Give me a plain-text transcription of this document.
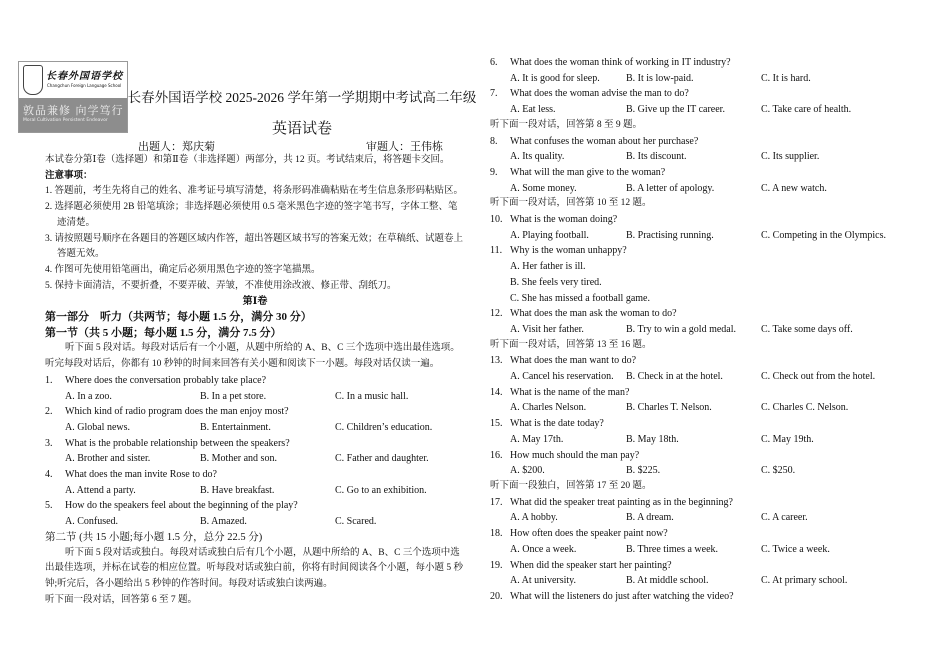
长春外国语学校
Changchun Foreign Language School
敦品兼修 向学笃行
Moral Cultivation Persistent Endeavor
长春外国语学校 2025-2026 学年第一学期期中考试高二年级
英语试卷
出题人：郑庆菊	审题人：王伟栋
本试卷分第Ⅰ卷（选择题）和第Ⅱ卷（非选择题）两部分，共 12 页。考试结束后，将答题卡交回。
注意事项：
1. 答题前，考生先将自己的姓名、准考证号填写清楚，将条形码准确粘贴在考生信息条形码粘贴区。
2. 选择题必须使用 2B 铅笔填涂；非选择题必须使用 0.5 毫米黑色字迹的签字笔书写，字体工整、笔迹清楚。
3. 请按照题号顺序在各题目的答题区域内作答，超出答题区域书写的答案无效；在草稿纸、试题卷上答题无效。
4. 作图可先使用铅笔画出，确定后必须用黑色字迹的签字笔描黑。
5. 保持卡面清洁，不要折叠，不要弄破、弄皱，不准使用涂改液、修正带、刮纸刀。
第Ⅰ卷
第一部分　听力（共两节；每小题 1.5 分，满分 30 分）
第一节（共 5 小题；每小题 1.5 分，满分 7.5 分）
听下面 5 段对话。每段对话后有一个小题，从题中所给的 A、B、C 三个选项中选出最佳选项。听完每段对话后，你都有 10 秒钟的时间来回答有关小题和阅读下一小题。每段对话仅读一遍。
1.	Where does the conversation probably take place?
A. In a zoo.	B. In a pet store.	C. In a music hall.
2.	Which kind of radio program does the man enjoy most?
A. Global news.	B. Entertainment.	C. Children’s education.
3.	What is the probable relationship between the speakers?
A. Brother and sister.	B. Mother and son.	C. Father and daughter.
4.	What does the man invite Rose to do?
A. Attend a party.	B. Have breakfast.	C. Go to an exhibition.
5.	How do the speakers feel about the beginning of the play?
A. Confused.	B. Amazed.	C. Scared.
第二节 (共 15 小题;每小题 1.5 分，总分 22.5 分)
听下面 5 段对话或独白。每段对话或独白后有几个小题，从题中所给的 A、B、C 三个选项中选出最佳选项，并标在试卷的相应位置。听每段对话或独白前，你将有时间阅读各个小题，每小题 5 秒钟;听完后，各小题给出 5 秒钟的作答时间。每段对话或独白读两遍。
听下面一段对话，回答第 6 至 7 题。
6.	What does the woman think of working in IT industry?
A. It is good for sleep.	B. It is low-paid.	C. It is hard.
7.	What does the woman advise the man to do?
A. Eat less.	B. Give up the IT career.	C. Take care of health.
听下面一段对话，回答第 8 至 9 题。
8.	What confuses the woman about her purchase?
A. Its quality.	B. Its discount.	C. Its supplier.
9.	What will the man give to the woman?
A. Some money.	B. A letter of apology.	C. A new watch.
听下面一段对话，回答第 10 至 12 题。
10. What is the woman doing?
A. Playing football.	B. Practising running.	C. Competing in the Olympics.
11. Why is the woman unhappy?
A. Her father is ill.
B. She feels very tired.
C. She has missed a football game.
12. What does the man ask the woman to do?
A. Visit her father.	B. Try to win a gold medal.	C. Take some days off.
听下面一段对话，回答第 13 至 16 题。
13. What does the man want to do?
A. Cancel his reservation.	B. Check in at the hotel.	C. Check out from the hotel.
14. What is the name of the man?
A. Charles Nelson.	B. Charles T. Nelson.	C. Charles C. Nelson.
15. What is the date today?
A. May 17th.	B. May 18th.	C. May 19th.
16. How much should the man pay?
A. $200.	B. $225.	C. $250.
听下面一段独白，回答第 17 至 20 题。
17. What did the speaker treat painting as in the beginning?
A. A hobby.	B. A dream.	C. A career.
18. How often does the speaker paint now?
A. Once a week.	B. Three times a week.	C. Twice a week.
19. When did the speaker start her painting?
A. At university.	B. At middle school.	C. At primary school.
20. What will the listeners do just after watching the video?
